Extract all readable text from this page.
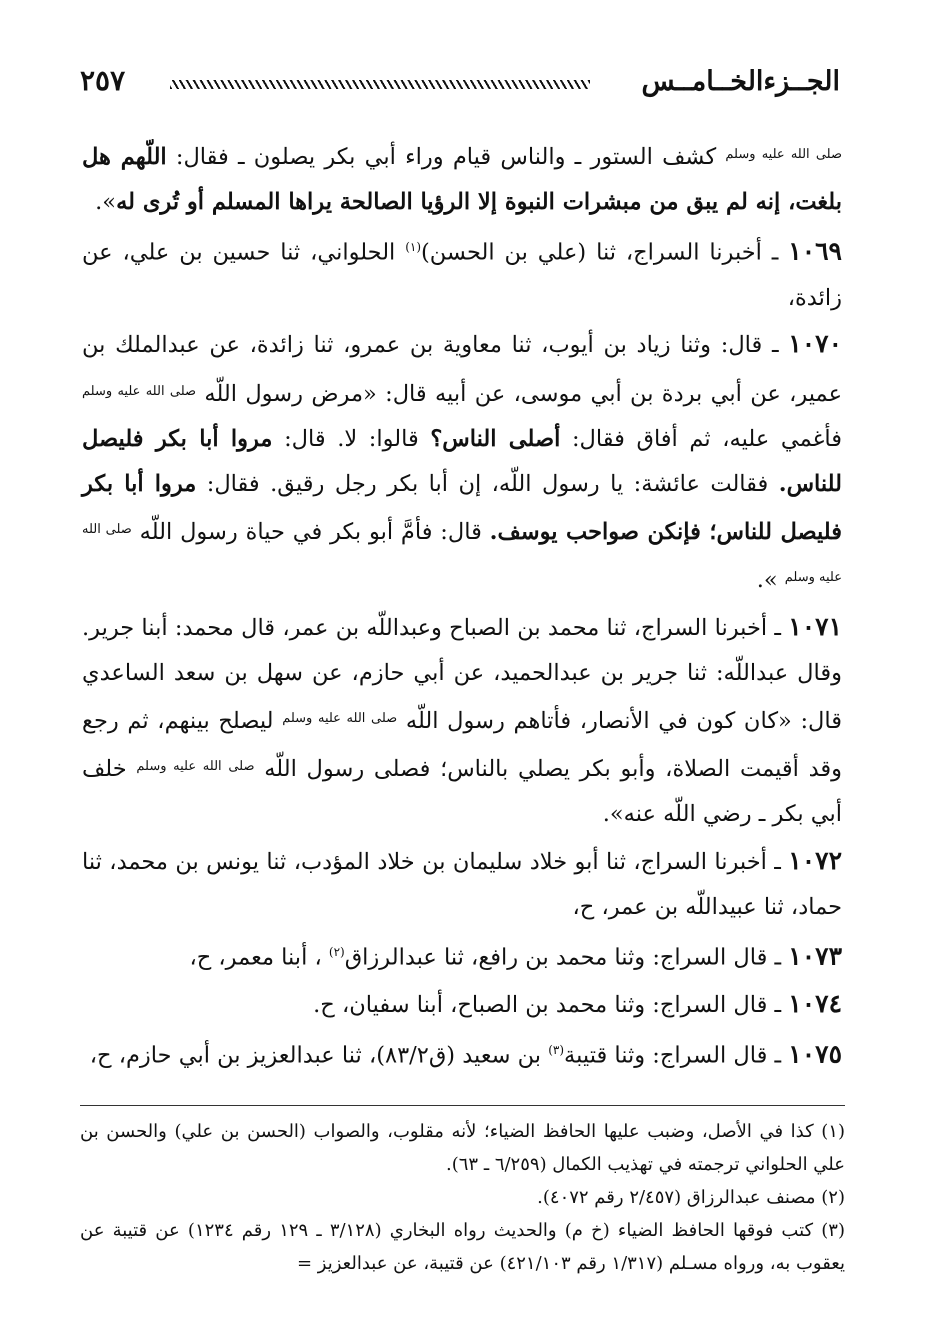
الجــزءالخــامــس
٢٥٧

$^{صلى الله عليه وسلم}$ كشف الستور ـ والناس قيام وراء أبي بكر يصلون ـ فقال: اللّهم هل بلغت، إنه لم يبق من مبشرات النبوة إلا الرؤيا الصالحة يراها المسلم أو تُرى له».

١٠٦٩ ـ أخبرنا السراج، ثنا (علي بن الحسن)$^{(١)}$ الحلواني، ثنا حسين بن علي، عن زائدة،

١٠٧٠ ـ قال: وثنا زياد بن أيوب، ثنا معاوية بن عمرو، ثنا زائدة، عن عبدالملك بن عمير، عن أبي بردة بن أبي موسى، عن أبيه قال: «مرض رسول اللّه $^{صلى الله عليه وسلم}$ فأغمي عليه، ثم أفاق فقال: أصلى الناس؟ قالوا: لا. قال: مروا أبا بكر فليصل للناس. فقالت عائشة: يا رسول اللّه، إن أبا بكر رجل رقيق. فقال: مروا أبا بكر فليصل للناس؛ فإنكن صواحب يوسف. قال: فأمَّ أبو بكر في حياة رسول اللّه $^{صلى الله عليه وسلم}$ ».

١٠٧١ ـ أخبرنا السراج، ثنا محمد بن الصباح وعبداللّه بن عمر، قال محمد: أبنا جرير. وقال عبداللّه: ثنا جرير بن عبدالحميد، عن أبي حازم، عن سهل بن سعد الساعدي قال: «كان كون في الأنصار، فأتاهم رسول اللّه $^{صلى الله عليه وسلم}$ ليصلح بينهم، ثم رجع وقد أقيمت الصلاة، وأبو بكر يصلي بالناس؛ فصلى رسول اللّه $^{صلى الله عليه وسلم}$ خلف أبي بكر ـ رضي اللّه عنه».

١٠٧٢ ـ أخبرنا السراج، ثنا أبو خلاد سليمان بن خلاد المؤدب، ثنا يونس بن محمد، ثنا حماد، ثنا عبيداللّه بن عمر، ح،

١٠٧٣ ـ قال السراج: وثنا محمد بن رافع، ثنا عبدالرزاق$^{(٢)}$ ، أبنا معمر، ح،

١٠٧٤ ـ قال السراج: وثنا محمد بن الصباح، أبنا سفيان، ح.

١٠٧٥ ـ قال السراج: وثنا قتيبة$^{(٣)}$ بن سعيد (ق٨٣/٢)، ثنا عبدالعزيز بن أبي حازم، ح،

(١) كذا في الأصل، وضبب عليها الحافظ الضياء؛ لأنه مقلوب، والصواب (الحسن بن علي) والحسن بن علي الحلواني ترجمته في تهذيب الكمال (٦/٢٥٩ ـ ٦٣).

(٢) مصنف عبدالرزاق (٢/٤٥٧ رقم ٤٠٧٢).

(٣) كتب فوقها الحافظ الضياء (خ م) والحديث رواه البخاري (٣/١٢٨ ـ ١٢٩ رقم ١٢٣٤) عن قتيبة عن يعقوب به، ورواه مسـلم (١/٣١٧ رقم ٤٢١/١٠٣) عن قتيبة، عن عبدالعزيز =
